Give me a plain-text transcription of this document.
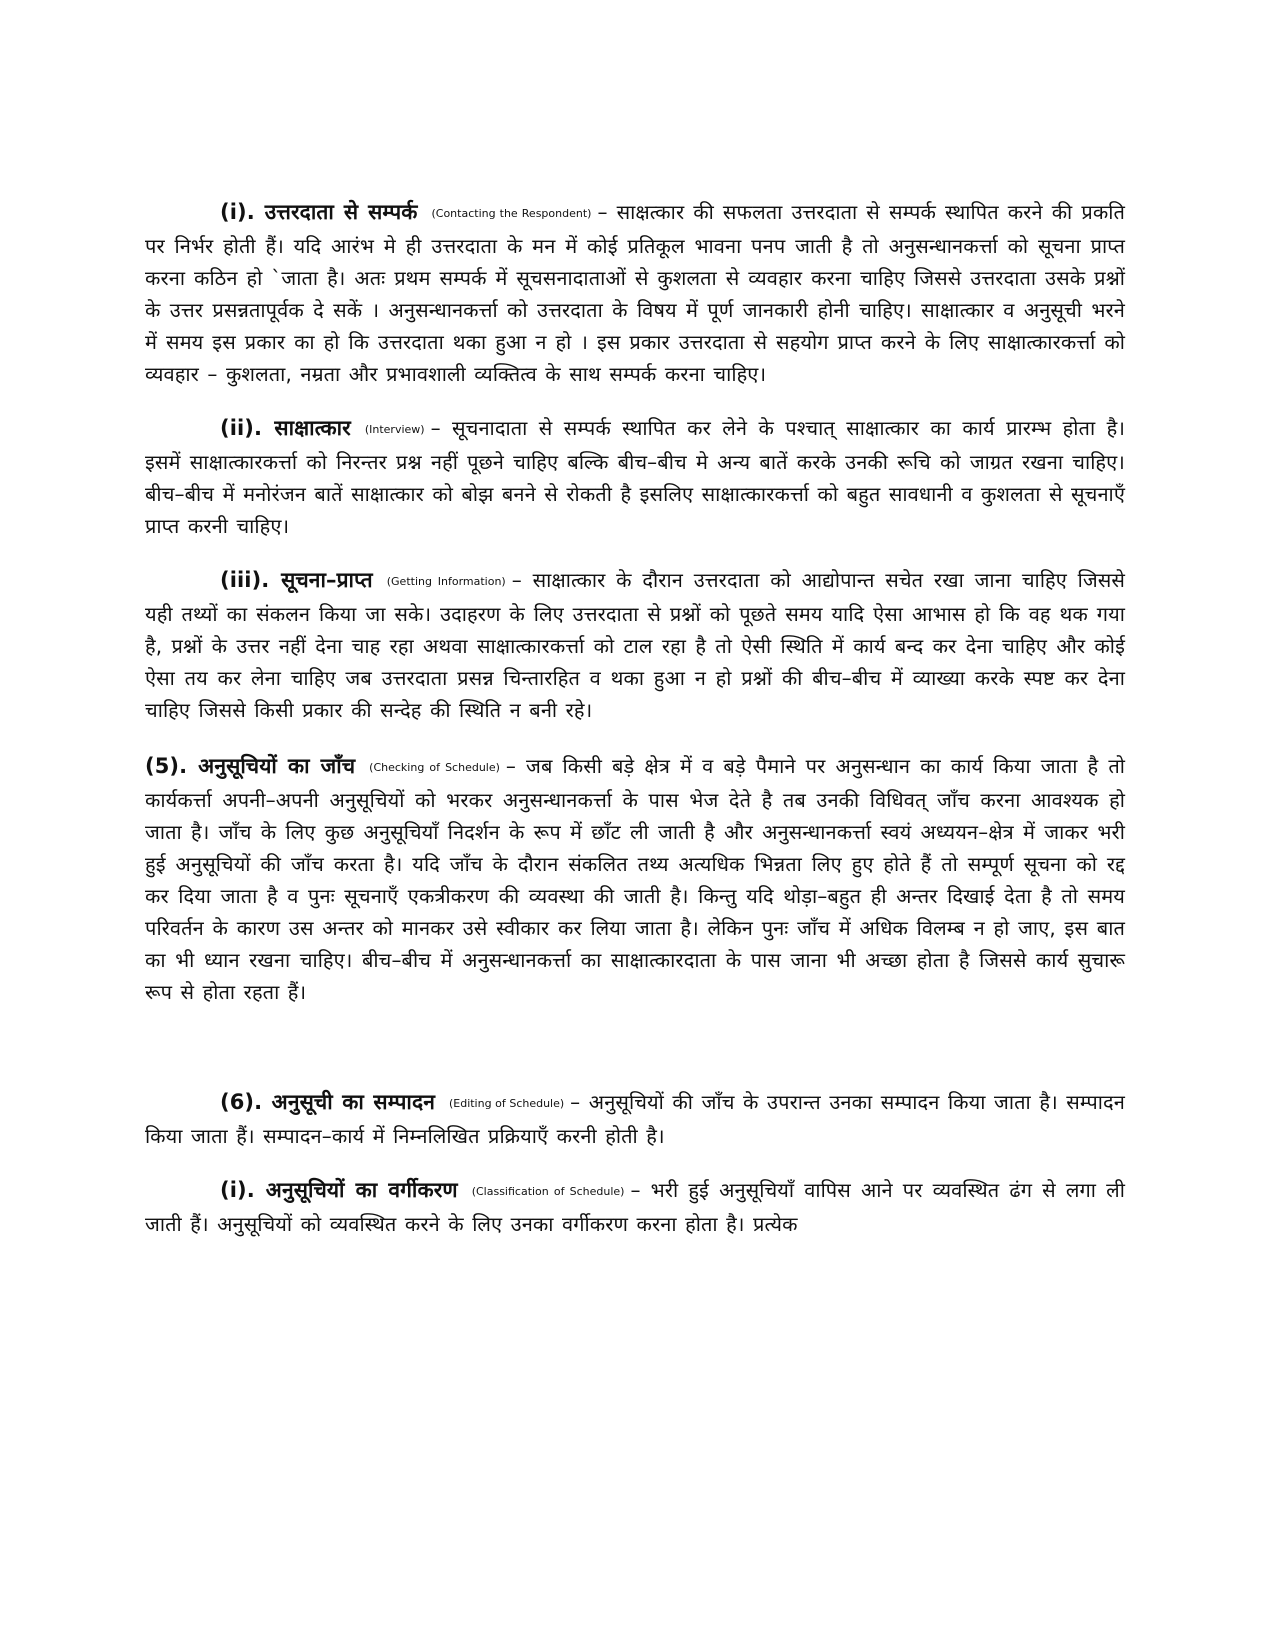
(i). उत्तरदाता से सम्पर्क (Contacting the Respondent) – साक्षत्कार की सफलता उत्तरदाता से सम्पर्क स्थापित करने की प्रकति पर निर्भर होती हैं। यदि आरंभ मे ही उत्तरदाता के मन में कोई प्रतिकूल भावना पनप जाती है तो अनुसन्धानकर्त्ता को सूचना प्राप्त करना कठिन हो `जाता है। अतः प्रथम सम्पर्क में सूचसनादाताओं से कुशलता से व्यवहार करना चाहिए जिससे उत्तरदाता उसके प्रश्नों के उत्तर प्रसन्नतापूर्वक दे सकें । अनुसन्धानकर्त्ता को उत्तरदाता के विषय में पूर्ण जानकारी होनी चाहिए। साक्षात्कार व अनुसूची भरने में समय इस प्रकार का हो कि उत्तरदाता थका हुआ न हो । इस प्रकार उत्तरदाता से सहयोग प्राप्त करने के लिए साक्षात्कारकर्त्ता को व्यवहार – कुशलता, नम्रता और प्रभावशाली व्यक्तित्व के साथ सम्पर्क करना चाहिए।

(ii). साक्षात्कार (Interview) – सूचनादाता से सम्पर्क स्थापित कर लेने के पश्चात् साक्षात्कार का कार्य प्रारम्भ होता है। इसमें साक्षात्कारकर्त्ता को निरन्तर प्रश्न नहीं पूछने चाहिए बल्कि बीच–बीच मे अन्य बातें करके उनकी रूचि को जाग्रत रखना चाहिए। बीच–बीच में मनोरंजन बातें साक्षात्कार को बोझ बनने से रोकती है इसलिए साक्षात्कारकर्त्ता को बहुत सावधानी व कुशलता से सूचनाएँ प्राप्त करनी चाहिए।

(iii). सूचना–प्राप्त (Getting Information) – साक्षात्कार के दौरान उत्तरदाता को आद्योपान्त सचेत रखा जाना चाहिए जिससे यही तथ्यों का संकलन किया जा सके। उदाहरण के लिए उत्तरदाता से प्रश्नों को पूछते समय यादि ऐसा आभास हो कि वह थक गया है, प्रश्नों के उत्तर नहीं देना चाह रहा अथवा साक्षात्कारकर्त्ता को टाल रहा है तो ऐसी स्थिति में कार्य बन्द कर देना चाहिए और कोई ऐसा तय कर लेना चाहिए जब उत्तरदाता प्रसन्न चिन्तारहित व थका हुआ न हो प्रश्नों की बीच–बीच में व्याख्या करके स्पष्ट कर देना चाहिए जिससे किसी प्रकार की सन्देह की स्थिति न बनी रहे।

(5). अनुसूचियों का जाँच (Checking of Schedule) – जब किसी बड़े क्षेत्र में व बड़े पैमाने पर अनुसन्धान का कार्य किया जाता है तो कार्यकर्त्ता अपनी–अपनी अनुसूचियों को भरकर अनुसन्धानकर्त्ता के पास भेज देते है तब उनकी विधिवत् जाँच करना आवश्यक हो जाता है। जाँच के लिए कुछ अनुसूचियाँ निदर्शन के रूप में छाँट ली जाती है और अनुसन्धानकर्त्ता स्वयं अध्ययन–क्षेत्र में जाकर भरी हुई अनुसूचियों की जाँच करता है। यदि जाँच के दौरान संकलित तथ्य अत्यधिक भिन्नता लिए हुए होते हैं तो सम्पूर्ण सूचना को रद्द कर दिया जाता है व पुनः सूचनाएँ एकत्रीकरण की व्यवस्था की जाती है। किन्तु यदि थोड़ा–बहुत ही अन्तर दिखाई देता है तो समय परिवर्तन के कारण उस अन्तर को मानकर उसे स्वीकार कर लिया जाता है। लेकिन पुनः जाँच में अधिक विलम्ब न हो जाए, इस बात का भी ध्यान रखना चाहिए। बीच–बीच में अनुसन्धानकर्त्ता का साक्षात्कारदाता के पास जाना भी अच्छा होता है जिससे कार्य सुचारू रूप से होता रहता हैं।

(6). अनुसूची का सम्पादन (Editing of Schedule) – अनुसूचियों की जाँच के उपरान्त उनका सम्पादन किया जाता है। सम्पादन किया जाता हैं। सम्पादन–कार्य में निम्नलिखित प्रक्रियाएँ करनी होती है।

(i). अनुसूचियों का वर्गीकरण (Classification of Schedule) – भरी हुई अनुसूचियाँ वापिस आने पर व्यवस्थित ढंग से लगा ली जाती हैं। अनुसूचियों को व्यवस्थित करने के लिए उनका वर्गीकरण करना होता है। प्रत्येक
